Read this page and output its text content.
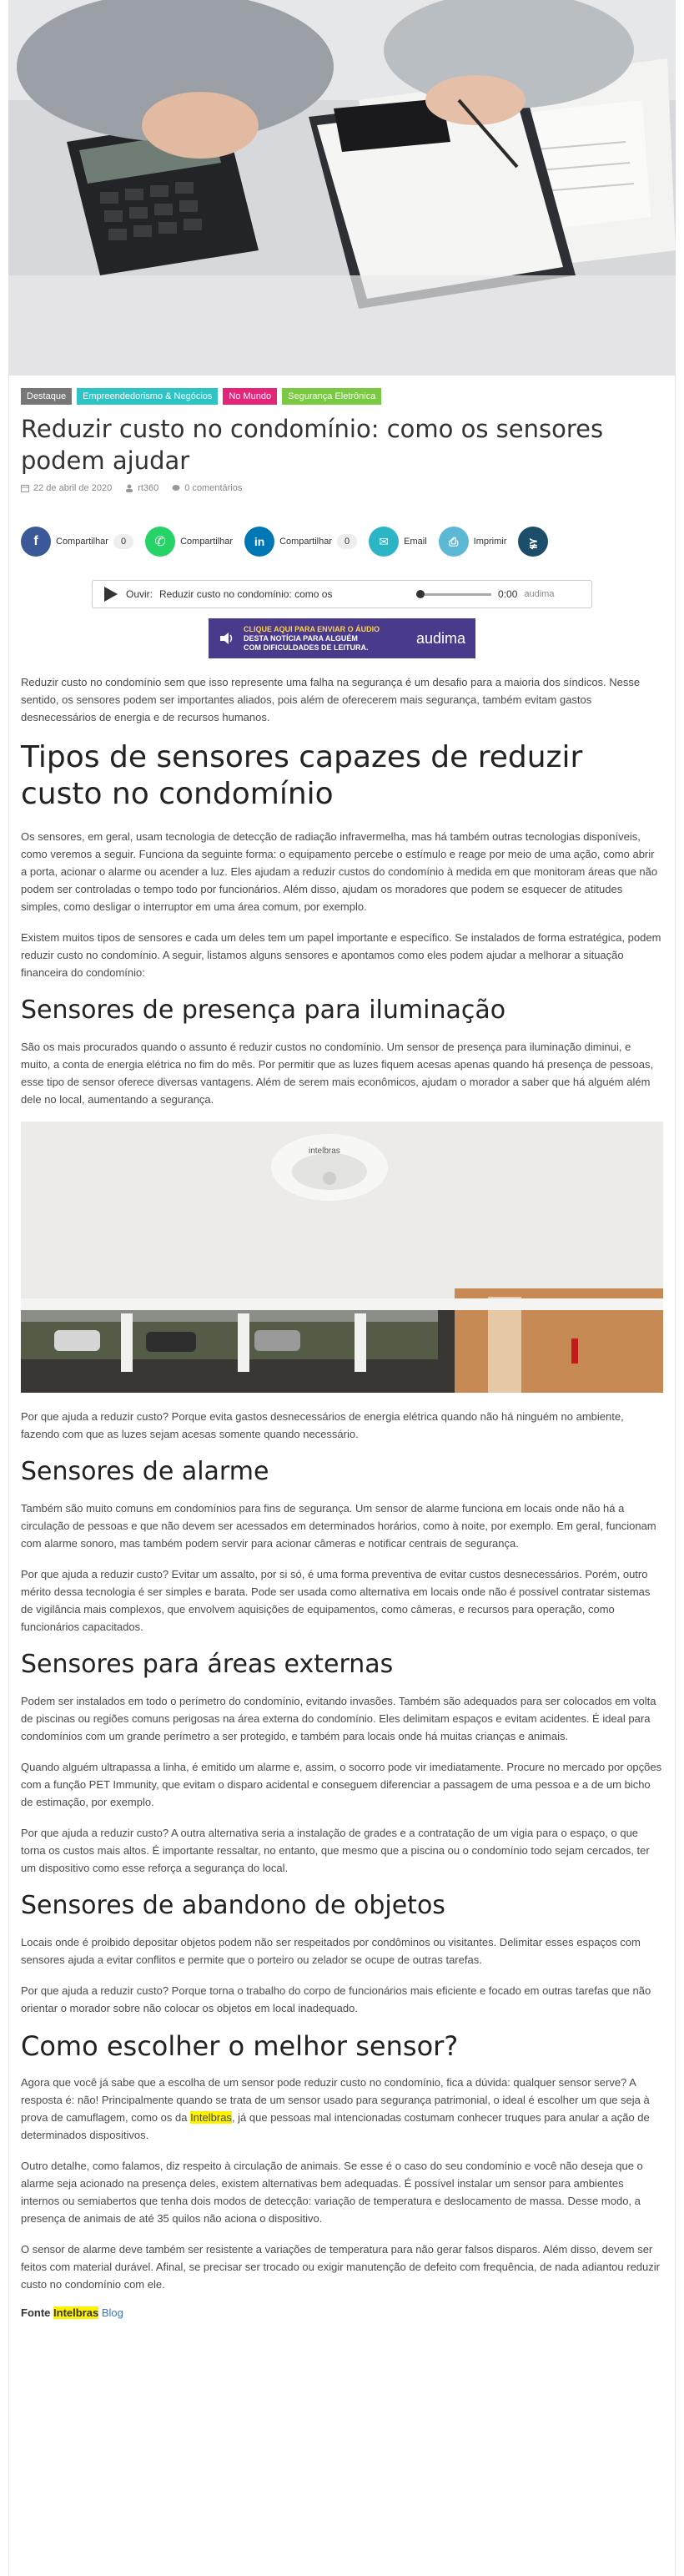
Destaque	Empreendedorismo & Negócios	No Mundo	Segurança Eletrônica
Reduzir custo no condomínio: como os sensores podem ajudar
22 de abril de 2020	rt360	0 comentários
f	Compartilhar	0	✆	Compartilhar	in	Compartilhar	0	✉	Email	⎙	Imprimir	⪶
Ouvir: Reduzir custo no condomínio: como os	0:00 audima
CLIQUE AQUI PARA ENVIAR O ÁUDIO
DESTA NOTÍCIA PARA ALGUÉM
COM DIFICULDADES DE LEITURA.
audima

Reduzir custo no condomínio sem que isso represente uma falha na segurança é um desafio para a maioria dos síndicos. Nesse sentido, os sensores podem ser importantes aliados, pois além de oferecerem mais segurança, também evitam gastos desnecessários de energia e de recursos humanos.

Tipos de sensores capazes de reduzir custo no condomínio

Os sensores, em geral, usam tecnologia de detecção de radiação infravermelha, mas há também outras tecnologias disponíveis, como veremos a seguir. Funciona da seguinte forma: o equipamento percebe o estímulo e reage por meio de uma ação, como abrir a porta, acionar o alarme ou acender a luz. Eles ajudam a reduzir custos do condomínio à medida em que monitoram áreas que não podem ser controladas o tempo todo por funcionários. Além disso, ajudam os moradores que podem se esquecer de atitudes simples, como desligar o interruptor em uma área comum, por exemplo.

Existem muitos tipos de sensores e cada um deles tem um papel importante e específico. Se instalados de forma estratégica, podem reduzir custo no condomínio. A seguir, listamos alguns sensores e apontamos como eles podem ajudar a melhorar a situação financeira do condomínio:

Sensores de presença para iluminação

São os mais procurados quando o assunto é reduzir custos no condomínio. Um sensor de presença para iluminação diminui, e muito, a conta de energia elétrica no fim do mês. Por permitir que as luzes fiquem acesas apenas quando há presença de pessoas, esse tipo de sensor oferece diversas vantagens. Além de serem mais econômicos, ajudam o morador a saber que há alguém além dele no local, aumentando a segurança.

intelbras

Por que ajuda a reduzir custo? Porque evita gastos desnecessários de energia elétrica quando não há ninguém no ambiente, fazendo com que as luzes sejam acesas somente quando necessário.

Sensores de alarme

Também são muito comuns em condomínios para fins de segurança. Um sensor de alarme funciona em locais onde não há a circulação de pessoas e que não devem ser acessados em determinados horários, como à noite, por exemplo. Em geral, funcionam com alarme sonoro, mas também podem servir para acionar câmeras e notificar centrais de segurança.

Por que ajuda a reduzir custo? Evitar um assalto, por si só, é uma forma preventiva de evitar custos desnecessários. Porém, outro mérito dessa tecnologia é ser simples e barata. Pode ser usada como alternativa em locais onde não é possível contratar sistemas de vigilância mais complexos, que envolvem aquisições de equipamentos, como câmeras, e recursos para operação, como funcionários capacitados.

Sensores para áreas externas

Podem ser instalados em todo o perímetro do condomínio, evitando invasões. Também são adequados para ser colocados em volta de piscinas ou regiões comuns perigosas na área externa do condomínio. Eles delimitam espaços e evitam acidentes. É ideal para condomínios com um grande perímetro a ser protegido, e também para locais onde há muitas crianças e animais.

Quando alguém ultrapassa a linha, é emitido um alarme e, assim, o socorro pode vir imediatamente. Procure no mercado por opções com a função PET Immunity, que evitam o disparo acidental e conseguem diferenciar a passagem de uma pessoa e a de um bicho de estimação, por exemplo.

Por que ajuda a reduzir custo? A outra alternativa seria a instalação de grades e a contratação de um vigia para o espaço, o que torna os custos mais altos. É importante ressaltar, no entanto, que mesmo que a piscina ou o condomínio todo sejam cercados, ter um dispositivo como esse reforça a segurança do local.

Sensores de abandono de objetos

Locais onde é proibido depositar objetos podem não ser respeitados por condôminos ou visitantes. Delimitar esses espaços com sensores ajuda a evitar conflitos e permite que o porteiro ou zelador se ocupe de outras tarefas.

Por que ajuda a reduzir custo? Porque torna o trabalho do corpo de funcionários mais eficiente e focado em outras tarefas que não orientar o morador sobre não colocar os objetos em local inadequado.

Como escolher o melhor sensor?

Agora que você já sabe que a escolha de um sensor pode reduzir custo no condomínio, fica a dúvida: qualquer sensor serve? A resposta é: não! Principalmente quando se trata de um sensor usado para segurança patrimonial, o ideal é escolher um que seja à prova de camuflagem, como os da Intelbras, já que pessoas mal intencionadas costumam conhecer truques para anular a ação de determinados dispositivos.

Outro detalhe, como falamos, diz respeito à circulação de animais. Se esse é o caso do seu condomínio e você não deseja que o alarme seja acionado na presença deles, existem alternativas bem adequadas. É possível instalar um sensor para ambientes internos ou semiabertos que tenha dois modos de detecção: variação de temperatura e deslocamento de massa. Desse modo, a presença de animais de até 35 quilos não aciona o dispositivo.

O sensor de alarme deve também ser resistente a variações de temperatura para não gerar falsos disparos. Além disso, devem ser feitos com material durável. Afinal, se precisar ser trocado ou exigir manutenção de defeito com frequência, de nada adiantou reduzir custo no condomínio com ele.

Fonte Intelbras Blog
